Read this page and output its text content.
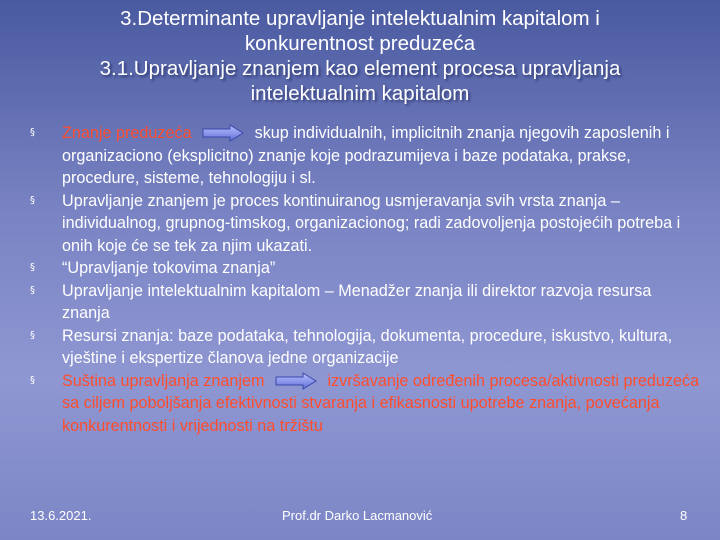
3.Determinante upravljanje intelektualnim kapitalom i
konkurentnost preduzeća
3.1.Upravljanje znanjem kao element procesa upravljanja
intelektualnim kapitalom
§	Znanje preduzeća	skup individualnih, implicitnih znanja njegovih zaposlenih i organizaciono (eksplicitno) znanje koje podrazumijeva i baze podataka, prakse, procedure, sisteme, tehnologiju i sl.
§	Upravljanje znanjem je proces kontinuiranog usmjeravanja svih vrsta znanja – individualnog, grupnog-timskog, organizacionog; radi zadovoljenja postojećih potreba i onih koje će se tek za njim ukazati.
§	“Upravljanje tokovima znanja”
§	Upravljanje intelektualnim kapitalom – Menadžer znanja ili direktor razvoja resursa znanja
§	Resursi znanja: baze podataka, tehnologija, dokumenta, procedure, iskustvo, kultura, vještine i ekspertize članova jedne organizacije
§	Suština upravljanja znanjem	izvršavanje određenih procesa/aktivnosti preduzeća sa ciljem poboljšanja efektivnosti stvaranja i efikasnosti upotrebe znanja, povećanja konkurentnosti i vrijednosti na tržištu
13.6.2021.	Prof.dr Darko Lacmanović	8
